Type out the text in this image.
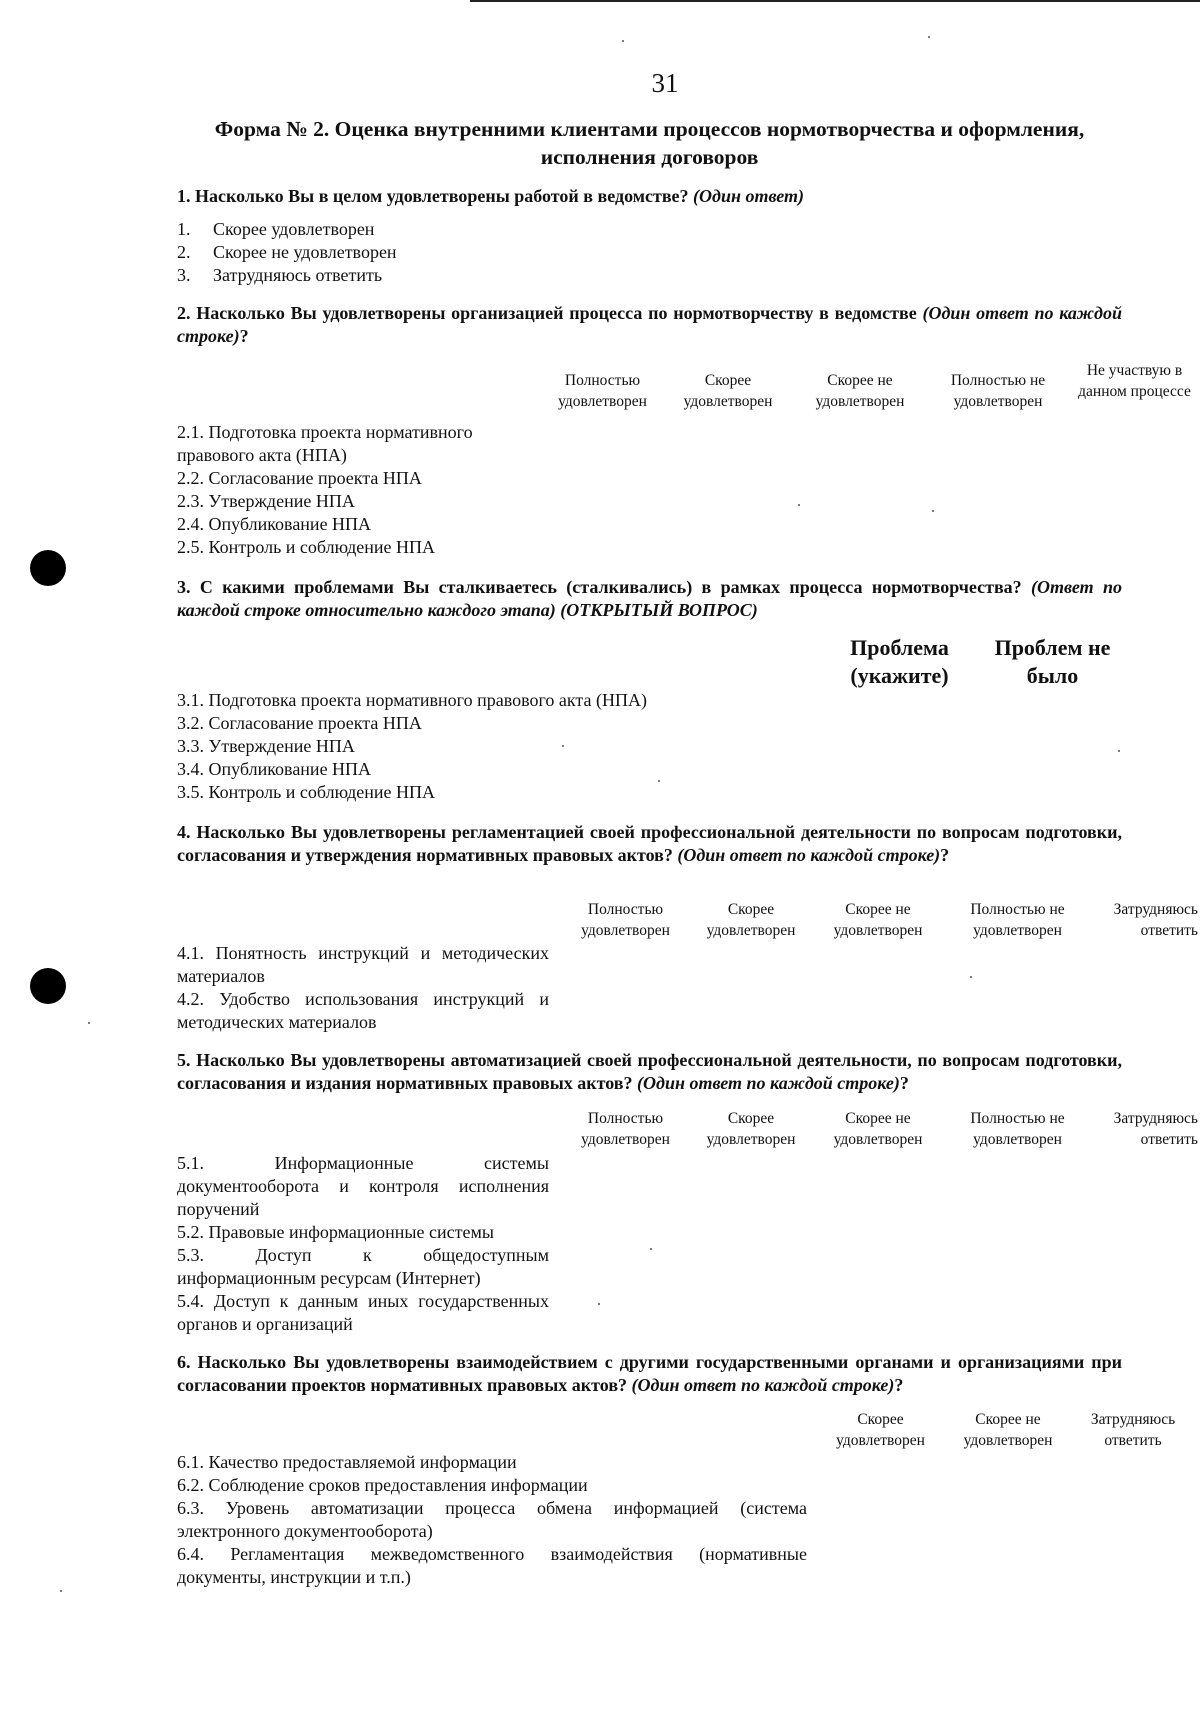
31

Форма № 2. Оценка внутренними клиентами процессов нормотворчества и оформления, исполнения договоров

1. Насколько Вы в целом удовлетворены работой в ведомстве? (Один ответ)

1. Скорее удовлетворен
2. Скорее не удовлетворен
3. Затрудняюсь ответить

2. Насколько Вы удовлетворены организацией процесса по нормотворчеству в ведомстве (Один ответ по каждой строке)?

Полностью удовлетворен
Скорее удовлетворен
Скорее не удовлетворен
Полностью не удовлетворен
Не участвую в данном процессе
2.1. Подготовка проекта нормативного правового акта (НПА)
2.2. Согласование проекта НПА
2.3. Утверждение НПА
2.4. Опубликование НПА
2.5. Контроль и соблюдение НПА

3. С какими проблемами Вы сталкиваетесь (сталкивались) в рамках процесса нормотворчества? (Ответ по каждой строке относительно каждого этапа) (ОТКРЫТЫЙ ВОПРОС)

Проблема (укажите)
Проблем не было
3.1. Подготовка проекта нормативного правового акта (НПА)
3.2. Согласование проекта НПА
3.3. Утверждение НПА
3.4. Опубликование НПА
3.5. Контроль и соблюдение НПА

4. Насколько Вы удовлетворены регламентацией своей профессиональной деятельности по вопросам подготовки, согласования и утверждения нормативных правовых актов? (Один ответ по каждой строке)?

Полностью удовлетворен
Скорее удовлетворен
Скорее не удовлетворен
Полностью не удовлетворен
Затрудняюсь ответить
4.1. Понятность инструкций и методических материалов
4.2. Удобство использования инструкций и методических материалов

5. Насколько Вы удовлетворены автоматизацией своей профессиональной деятельности, по вопросам подготовки, согласования и издания нормативных правовых актов? (Один ответ по каждой строке)?

Полностью удовлетворен
Скорее удовлетворен
Скорее не удовлетворен
Полностью не удовлетворен
Затрудняюсь ответить
5.1. Информационные системы документооборота и контроля исполнения поручений
5.2. Правовые информационные системы
5.3. Доступ к общедоступным информационным ресурсам (Интернет)
5.4. Доступ к данным иных государственных органов и организаций

6. Насколько Вы удовлетворены взаимодействием с другими государственными органами и организациями при согласовании проектов нормативных правовых актов? (Один ответ по каждой строке)?

Скорее удовлетворен
Скорее не удовлетворен
Затрудняюсь ответить
6.1. Качество предоставляемой информации
6.2. Соблюдение сроков предоставления информации
6.3. Уровень автоматизации процесса обмена информацией (система электронного документооборота)
6.4. Регламентация межведомственного взаимодействия (нормативные документы, инструкции и т.п.)
